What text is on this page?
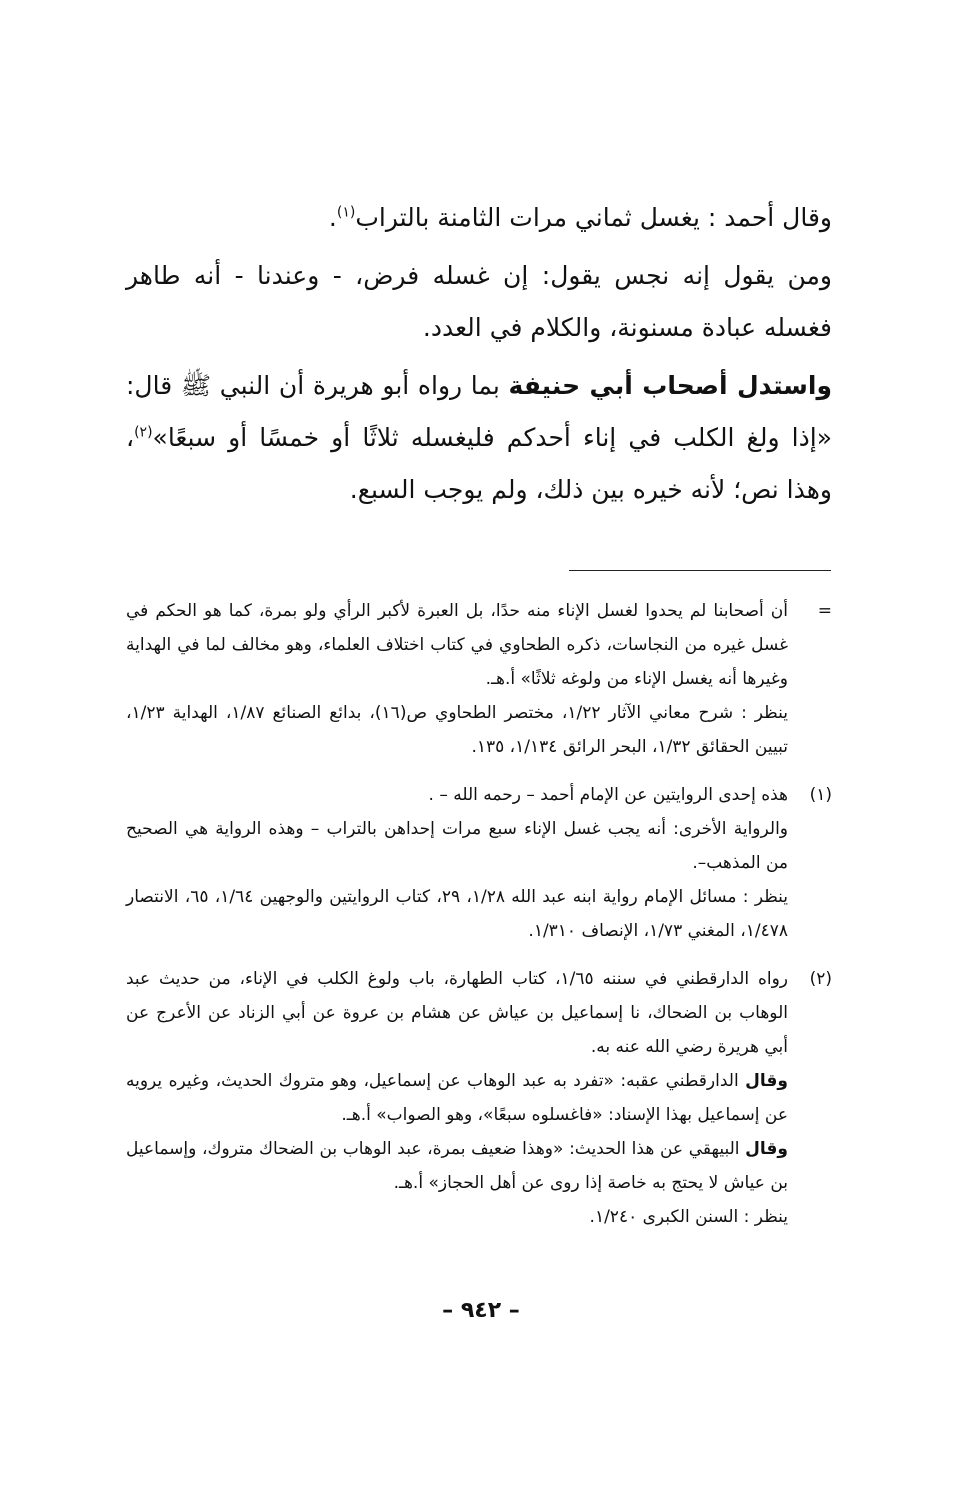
وقال أحمد : يغسل ثماني مرات الثامنة بالتراب$^{(١)}$.

ومن يقول إنه نجس يقول: إن غسله فرض، - وعندنا - أنه طاهر فغسله عبادة مسنونة، والكلام في العدد.

واستدل أصحاب أبي حنيفة بما رواه أبو هريرة أن النبي ﷺ قال: «إذا ولغ الكلب في إناء أحدكم فليغسله ثلاثًا أو خمسًا أو سبعًا»$^{(٢)}$، وهذا نص؛ لأنه خيره بين ذلك، ولم يوجب السبع.

=
أن أصحابنا لم يحدوا لغسل الإناء منه حدًا، بل العبرة لأكبر الرأي ولو بمرة، كما هو الحكم في غسل غيره من النجاسات، ذكره الطحاوي في كتاب اختلاف العلماء، وهو مخالف لما في الهداية وغيرها أنه يغسل الإناء من ولوغه ثلاثًا» أ.هـ.
ينظر : شرح معاني الآثار ١/٢٢، مختصر الطحاوي ص(١٦)، بدائع الصنائع ١/٨٧، الهداية ١/٢٣، تبيين الحقائق ١/٣٢، البحر الرائق ١/١٣٤، ١٣٥.
(١)
هذه إحدى الروايتين عن الإمام أحمد – رحمه الله – .
والرواية الأخرى: أنه يجب غسل الإناء سبع مرات إحداهن بالتراب – وهذه الرواية هي الصحيح من المذهب–.
ينظر : مسائل الإمام رواية ابنه عبد الله ١/٢٨، ٢٩، كتاب الروايتين والوجهين ١/٦٤، ٦٥، الانتصار ١/٤٧٨، المغني ١/٧٣، الإنصاف ١/٣١٠.
(٢)
رواه الدارقطني في سننه ١/٦٥، كتاب الطهارة، باب ولوغ الكلب في الإناء، من حديث عبد الوهاب بن الضحاك، نا إسماعيل بن عياش عن هشام بن عروة عن أبي الزناد عن الأعرج عن أبي هريرة رضي الله عنه به.
وقال الدارقطني عقبه: «تفرد به عبد الوهاب عن إسماعيل، وهو متروك الحديث، وغيره يرويه عن إسماعيل بهذا الإسناد: «فاغسلوه سبعًا»، وهو الصواب» أ.هـ.
وقال البيهقي عن هذا الحديث: «وهذا ضعيف بمرة، عبد الوهاب بن الضحاك متروك، وإسماعيل بن عياش لا يحتج به خاصة إذا روى عن أهل الحجاز» أ.هـ.
ينظر : السنن الكبرى ١/٢٤٠.
– ٩٤٢ –
